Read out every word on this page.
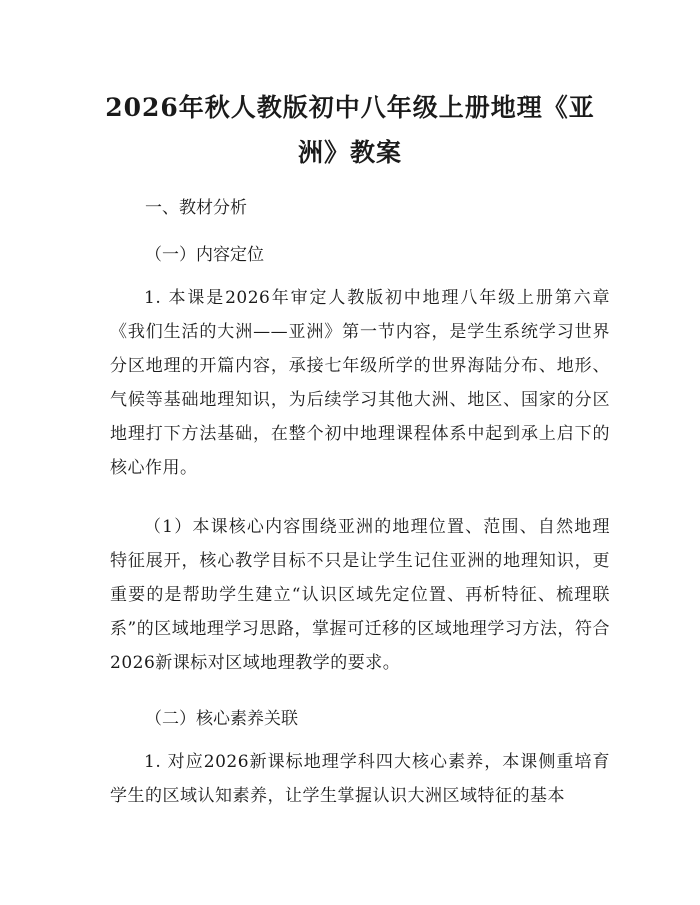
2026年秋人教版初中八年级上册地理《亚
洲》教案

一、教材分析

（一）内容定位

1. 本课是2026年审定人教版初中地理八年级上册第六章《我们生活的大洲——亚洲》第一节内容，是学生系统学习世界分区地理的开篇内容，承接七年级所学的世界海陆分布、地形、气候等基础地理知识，为后续学习其他大洲、地区、国家的分区地理打下方法基础，在整个初中地理课程体系中起到承上启下的核心作用。

（1）本课核心内容围绕亚洲的地理位置、范围、自然地理特征展开，核心教学目标不只是让学生记住亚洲的地理知识，更重要的是帮助学生建立“认识区域先定位置、再析特征、梳理联系”的区域地理学习思路，掌握可迁移的区域地理学习方法，符合2026新课标对区域地理教学的要求。

（二）核心素养关联

1. 对应2026新课标地理学科四大核心素养，本课侧重培育学生的区域认知素养，让学生掌握认识大洲区域特征的基本
